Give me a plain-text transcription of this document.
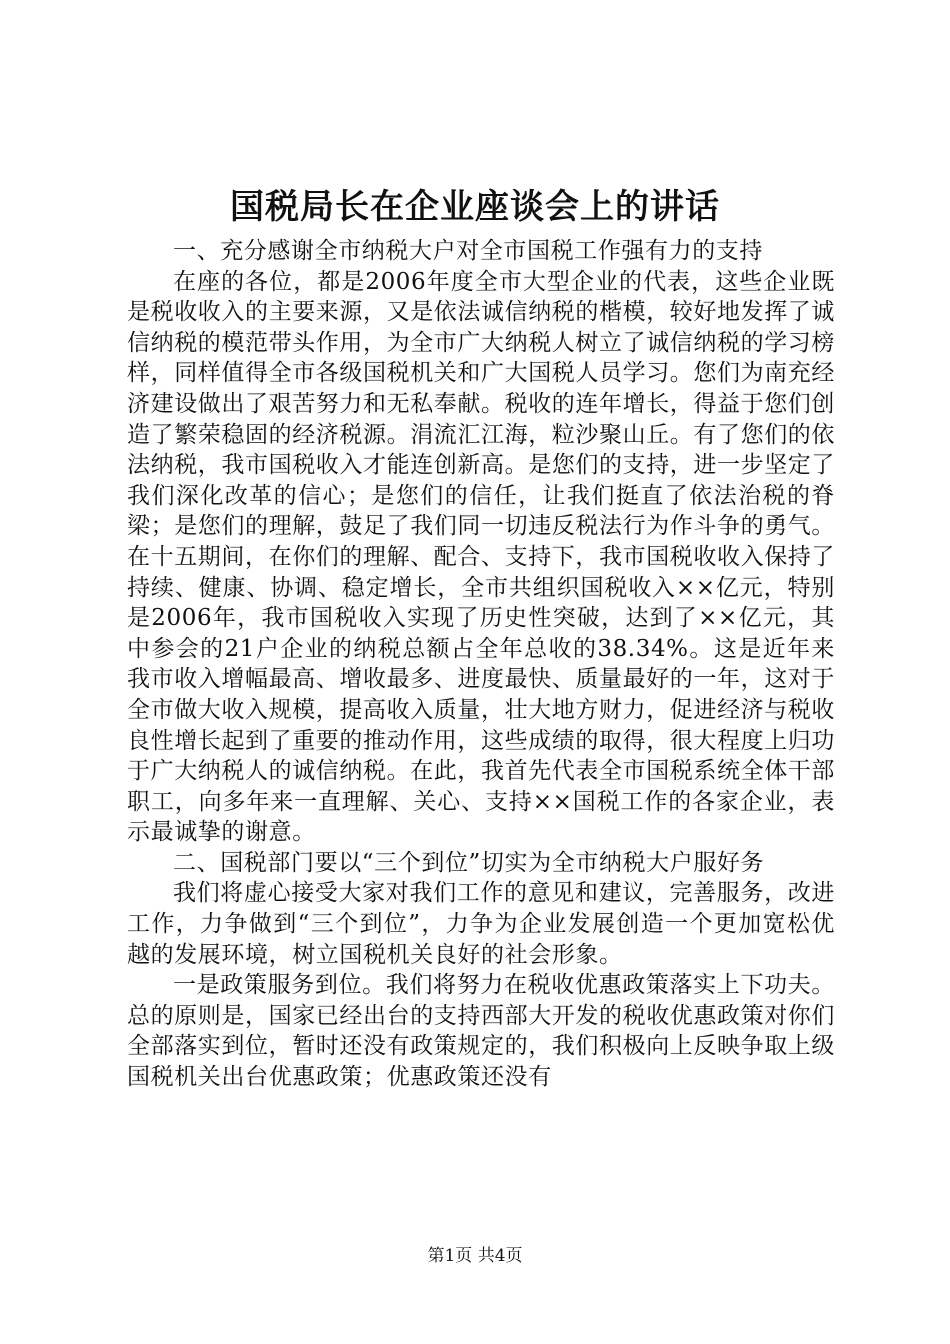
国税局长在企业座谈会上的讲话

一、充分感谢全市纳税大户对全市国税工作强有力的支持

在座的各位，都是2006年度全市大型企业的代表，这些企业既是税收收入的主要来源，又是依法诚信纳税的楷模，较好地发挥了诚信纳税的模范带头作用，为全市广大纳税人树立了诚信纳税的学习榜样，同样值得全市各级国税机关和广大国税人员学习。您们为南充经济建设做出了艰苦努力和无私奉献。税收的连年增长，得益于您们创造了繁荣稳固的经济税源。涓流汇江海，粒沙聚山丘。有了您们的依法纳税，我市国税收入才能连创新高。是您们的支持，进一步坚定了我们深化改革的信心；是您们的信任，让我们挺直了依法治税的脊梁；是您们的理解，鼓足了我们同一切违反税法行为作斗争的勇气。在十五期间，在你们的理解、配合、支持下，我市国税收收入保持了持续、健康、协调、稳定增长，全市共组织国税收入××亿元，特别是2006年，我市国税收入实现了历史性突破，达到了××亿元，其中参会的21户企业的纳税总额占全年总收的38.34%。这是近年来我市收入增幅最高、增收最多、进度最快、质量最好的一年，这对于全市做大收入规模，提高收入质量，壮大地方财力，促进经济与税收良性增长起到了重要的推动作用，这些成绩的取得，很大程度上归功于广大纳税人的诚信纳税。在此，我首先代表全市国税系统全体干部职工，向多年来一直理解、关心、支持××国税工作的各家企业，表示最诚挚的谢意。

二、国税部门要以“三个到位”切实为全市纳税大户服好务

我们将虚心接受大家对我们工作的意见和建议，完善服务，改进工作，力争做到“三个到位”，力争为企业发展创造一个更加宽松优越的发展环境，树立国税机关良好的社会形象。

一是政策服务到位。我们将努力在税收优惠政策落实上下功夫。总的原则是，国家已经出台的支持西部大开发的税收优惠政策对你们全部落实到位，暂时还没有政策规定的，我们积极向上反映争取上级国税机关出台优惠政策；优惠政策还没有

第1页 共4页
